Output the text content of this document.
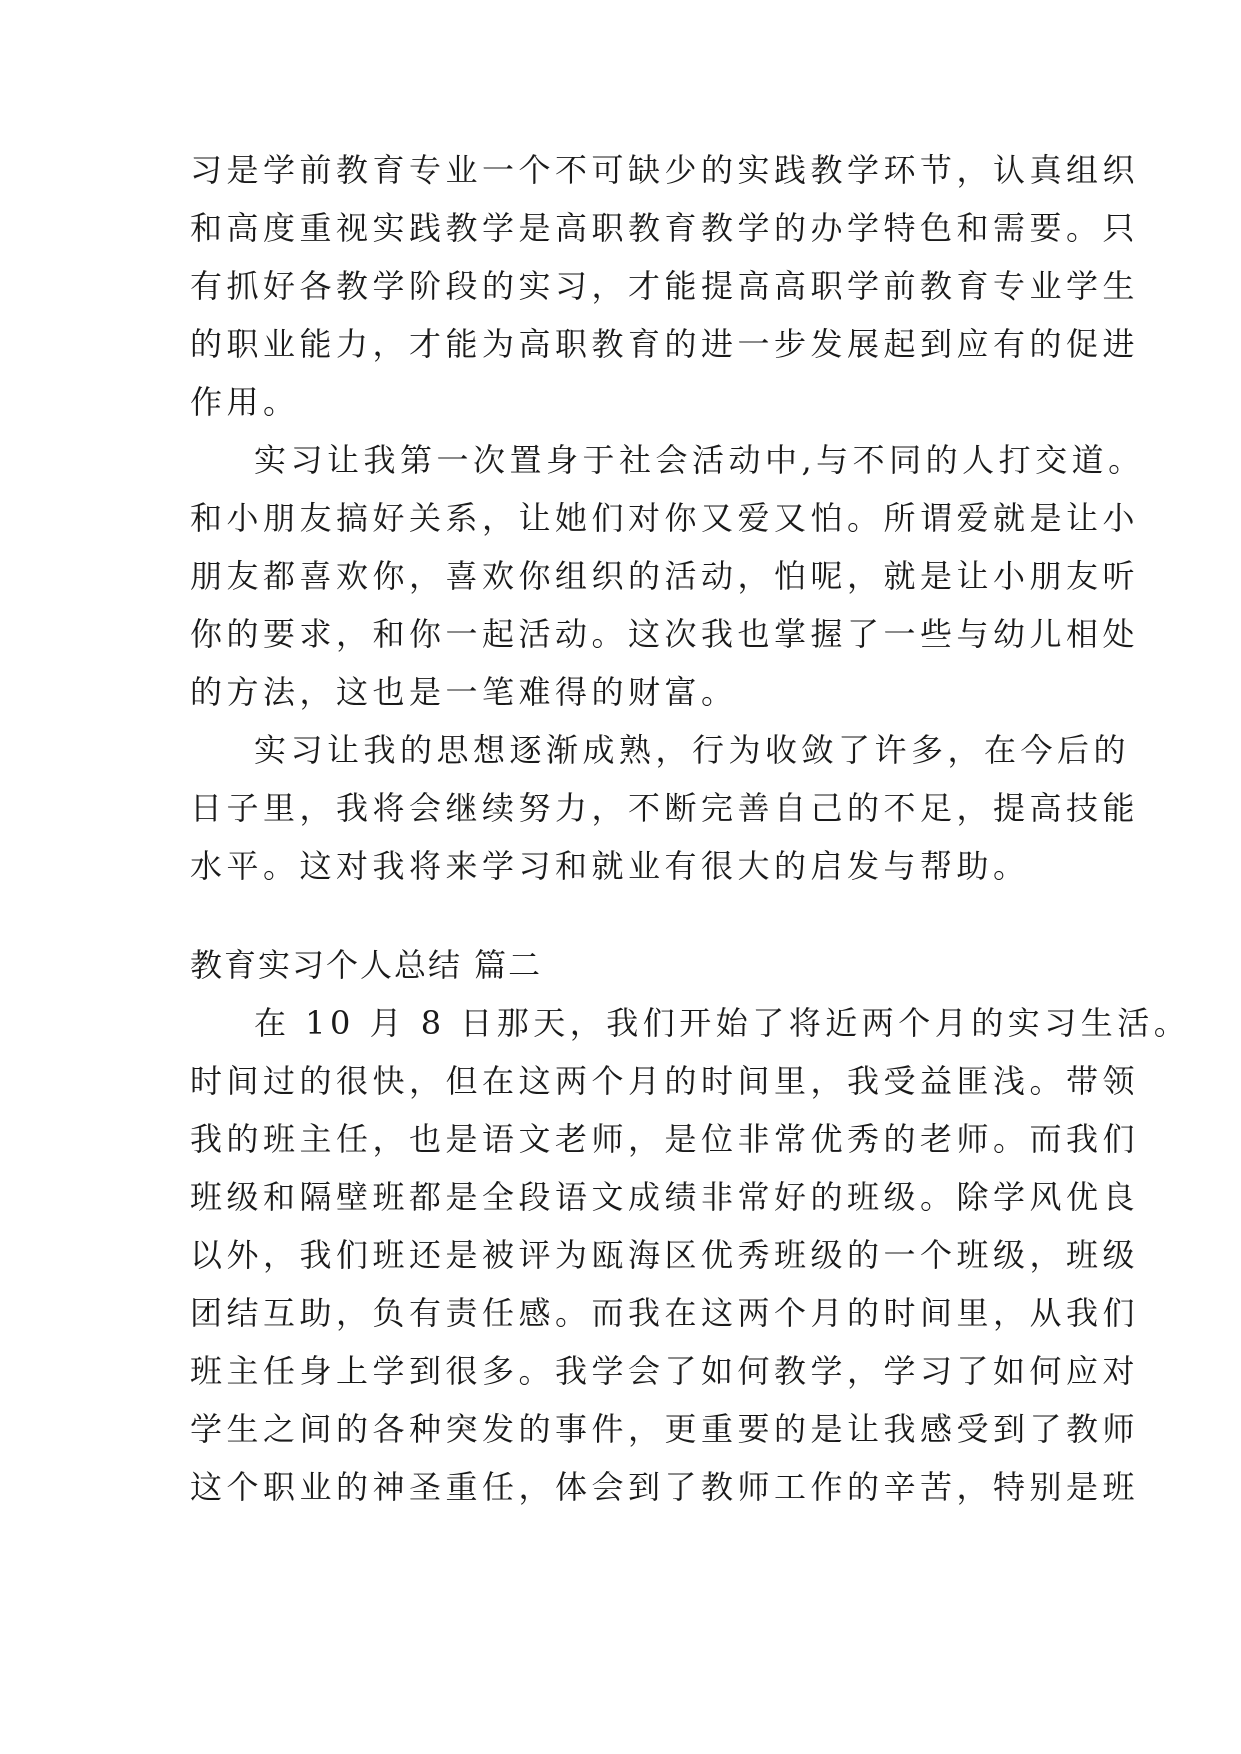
习是学前教育专业一个不可缺少的实践教学环节，认真组织
和高度重视实践教学是高职教育教学的办学特色和需要。只
有抓好各教学阶段的实习，才能提高高职学前教育专业学生
的职业能力，才能为高职教育的进一步发展起到应有的促进
作用。
实习让我第一次置身于社会活动中,与不同的人打交道。
和小朋友搞好关系，让她们对你又爱又怕。所谓爱就是让小
朋友都喜欢你，喜欢你组织的活动，怕呢，就是让小朋友听
你的要求，和你一起活动。这次我也掌握了一些与幼儿相处
的方法，这也是一笔难得的财富。
实习让我的思想逐渐成熟，行为收敛了许多，在今后的
日子里，我将会继续努力，不断完善自己的不足，提高技能
水平。这对我将来学习和就业有很大的启发与帮助。
教育实习个人总结 篇二
在 10 月 8 日那天，我们开始了将近两个月的实习生活。
时间过的很快，但在这两个月的时间里，我受益匪浅。带领
我的班主任，也是语文老师，是位非常优秀的老师。而我们
班级和隔壁班都是全段语文成绩非常好的班级。除学风优良
以外，我们班还是被评为瓯海区优秀班级的一个班级，班级
团结互助，负有责任感。而我在这两个月的时间里，从我们
班主任身上学到很多。我学会了如何教学，学习了如何应对
学生之间的各种突发的事件，更重要的是让我感受到了教师
这个职业的神圣重任，体会到了教师工作的辛苦，特别是班
